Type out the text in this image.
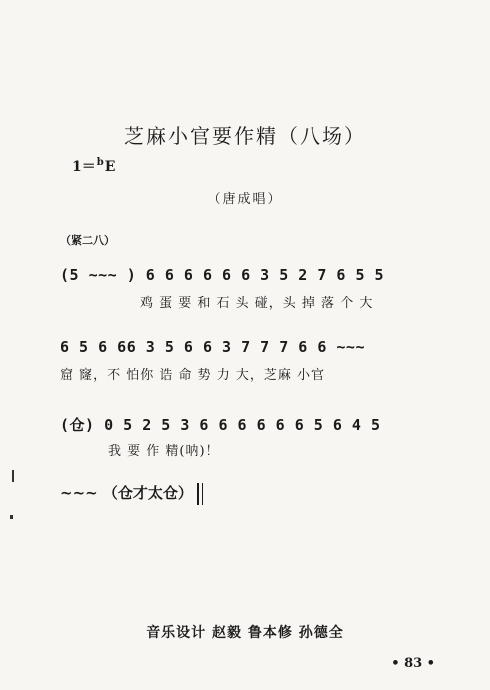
芝麻小官要作精（八场）
1＝$^b$E
（唐成唱）
（紧二八）
(5 ~~~ ) 6 6 6 6 6 6 3 5 2 7 6 5 5
鸡 蛋 要 和 石 头 碰，头 掉 落 个 大
6 5 6 66 3 5 6 6 3 7 7 7 6 6 ~~~
窟 窿，不 怕你 诰 命 势 力 大，芝麻 小官
(仓) 0 5 2 5 3 6 6 6 6 6 6 5 6 4 5
我 要 作 精(呐)！
~~~ （仓才太仓）
音乐设计 赵毅 鲁本修 孙德全
• 83 •
